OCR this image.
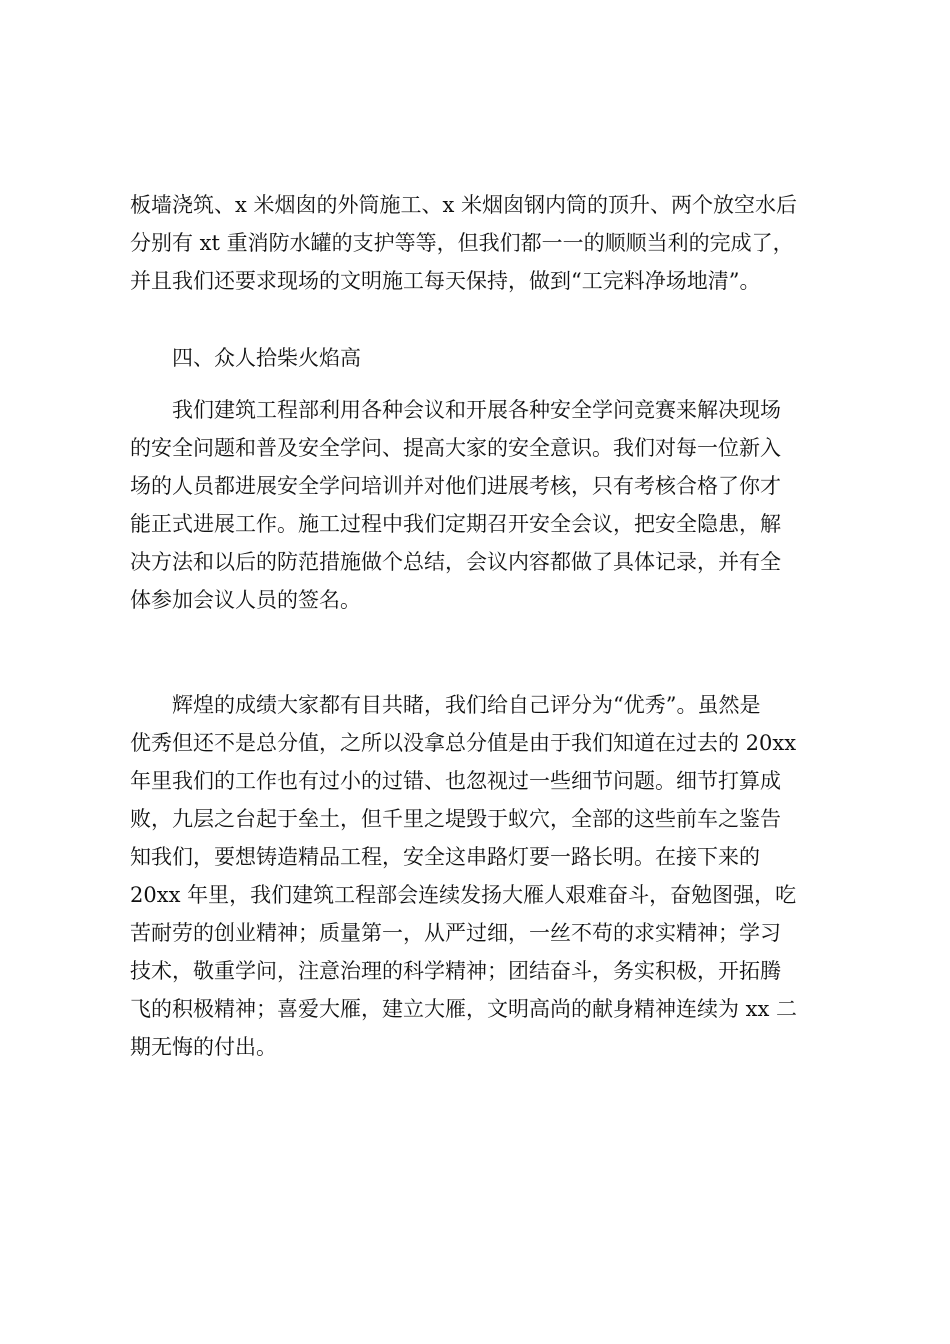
板墙浇筑、x 米烟囱的外筒施工、x 米烟囱钢内筒的顶升、两个放空水后
分别有 xt 重消防水罐的支护等等，但我们都一一的顺顺当利的完成了，
并且我们还要求现场的文明施工每天保持，做到“工完料净场地清”。
四、众人拾柴火焰高
我们建筑工程部利用各种会议和开展各种安全学问竞赛来解决现场
的安全问题和普及安全学问、提高大家的安全意识。我们对每一位新入
场的人员都进展安全学问培训并对他们进展考核，只有考核合格了你才
能正式进展工作。施工过程中我们定期召开安全会议，把安全隐患，解
决方法和以后的防范措施做个总结，会议内容都做了具体记录，并有全
体参加会议人员的签名。
辉煌的成绩大家都有目共睹，我们给自己评分为“优秀”。虽然是
优秀但还不是总分值，之所以没拿总分值是由于我们知道在过去的 20xx
年里我们的工作也有过小的过错、也忽视过一些细节问题。细节打算成
败，九层之台起于垒土，但千里之堤毁于蚁穴，全部的这些前车之鉴告
知我们，要想铸造精品工程，安全这串路灯要一路长明。在接下来的
20xx 年里，我们建筑工程部会连续发扬大雁人艰难奋斗，奋勉图强，吃
苦耐劳的创业精神；质量第一，从严过细，一丝不苟的求实精神；学习
技术，敬重学问，注意治理的科学精神；团结奋斗，务实积极，开拓腾
飞的积极精神；喜爱大雁，建立大雁，文明高尚的献身精神连续为 xx 二
期无悔的付出。
